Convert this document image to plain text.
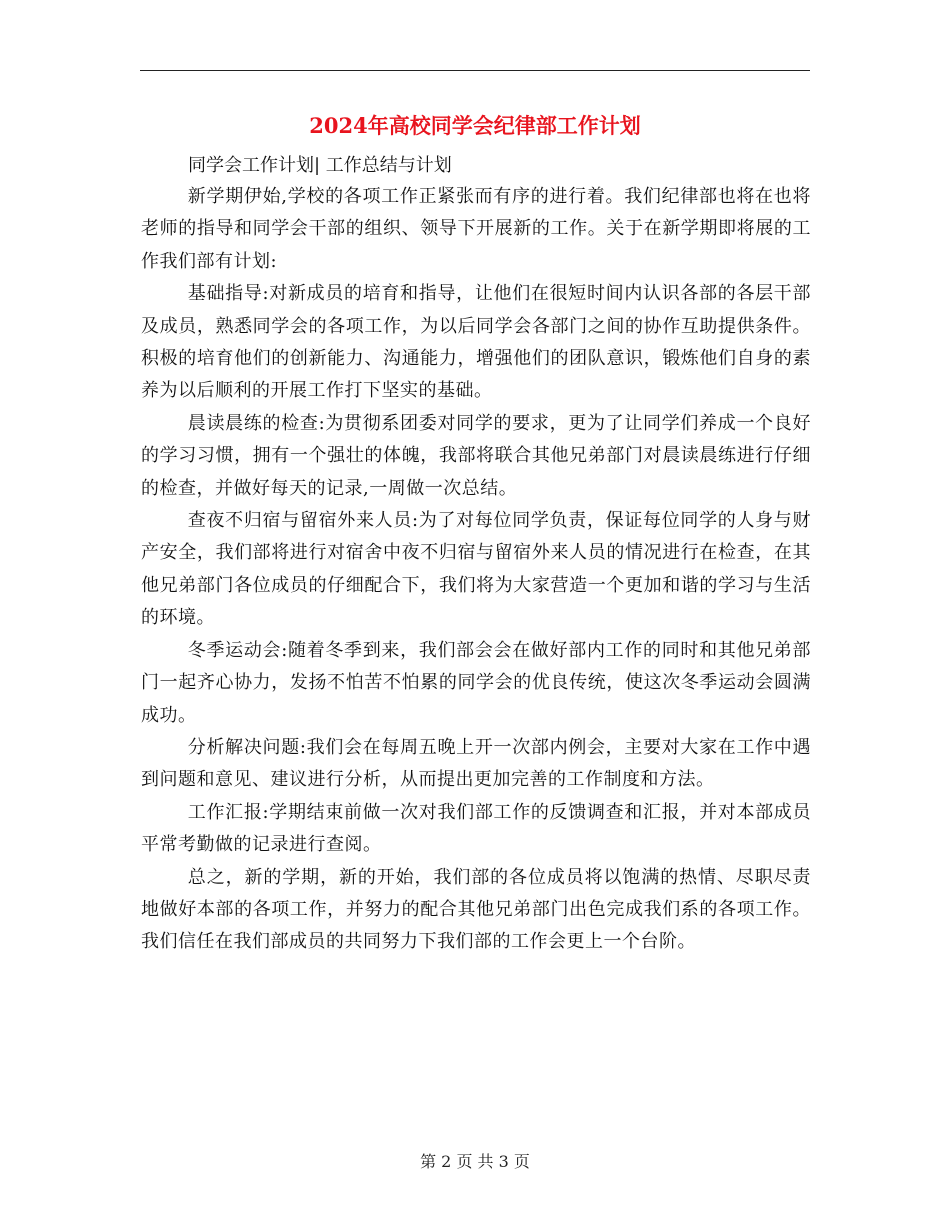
2024年高校同学会纪律部工作计划
同学会工作计划| 工作总结与计划

新学期伊始,学校的各项工作正紧张而有序的进行着。我们纪律部也将在也将老师的指导和同学会干部的组织、领导下开展新的工作。关于在新学期即将展的工作我们部有计划:

基础指导:对新成员的培育和指导，让他们在很短时间内认识各部的各层干部及成员，熟悉同学会的各项工作，为以后同学会各部门之间的协作互助提供条件。积极的培育他们的创新能力、沟通能力，增强他们的团队意识，锻炼他们自身的素养为以后顺利的开展工作打下坚实的基础。

晨读晨练的检查:为贯彻系团委对同学的要求，更为了让同学们养成一个良好的学习习惯，拥有一个强壮的体魄，我部将联合其他兄弟部门对晨读晨练进行仔细的检查，并做好每天的记录,一周做一次总结。

查夜不归宿与留宿外来人员:为了对每位同学负责，保证每位同学的人身与财产安全，我们部将进行对宿舍中夜不归宿与留宿外来人员的情况进行在检查，在其他兄弟部门各位成员的仔细配合下，我们将为大家营造一个更加和谐的学习与生活的环境。

冬季运动会:随着冬季到来，我们部会会在做好部内工作的同时和其他兄弟部门一起齐心协力，发扬不怕苦不怕累的同学会的优良传统，使这次冬季运动会圆满成功。

分析解决问题:我们会在每周五晚上开一次部内例会，主要对大家在工作中遇到问题和意见、建议进行分析，从而提出更加完善的工作制度和方法。

工作汇报:学期结束前做一次对我们部工作的反馈调查和汇报，并对本部成员平常考勤做的记录进行查阅。

总之，新的学期，新的开始，我们部的各位成员将以饱满的热情、尽职尽责地做好本部的各项工作，并努力的配合其他兄弟部门出色完成我们系的各项工作。我们信任在我们部成员的共同努力下我们部的工作会更上一个台阶。

第 2 页 共 3 页
